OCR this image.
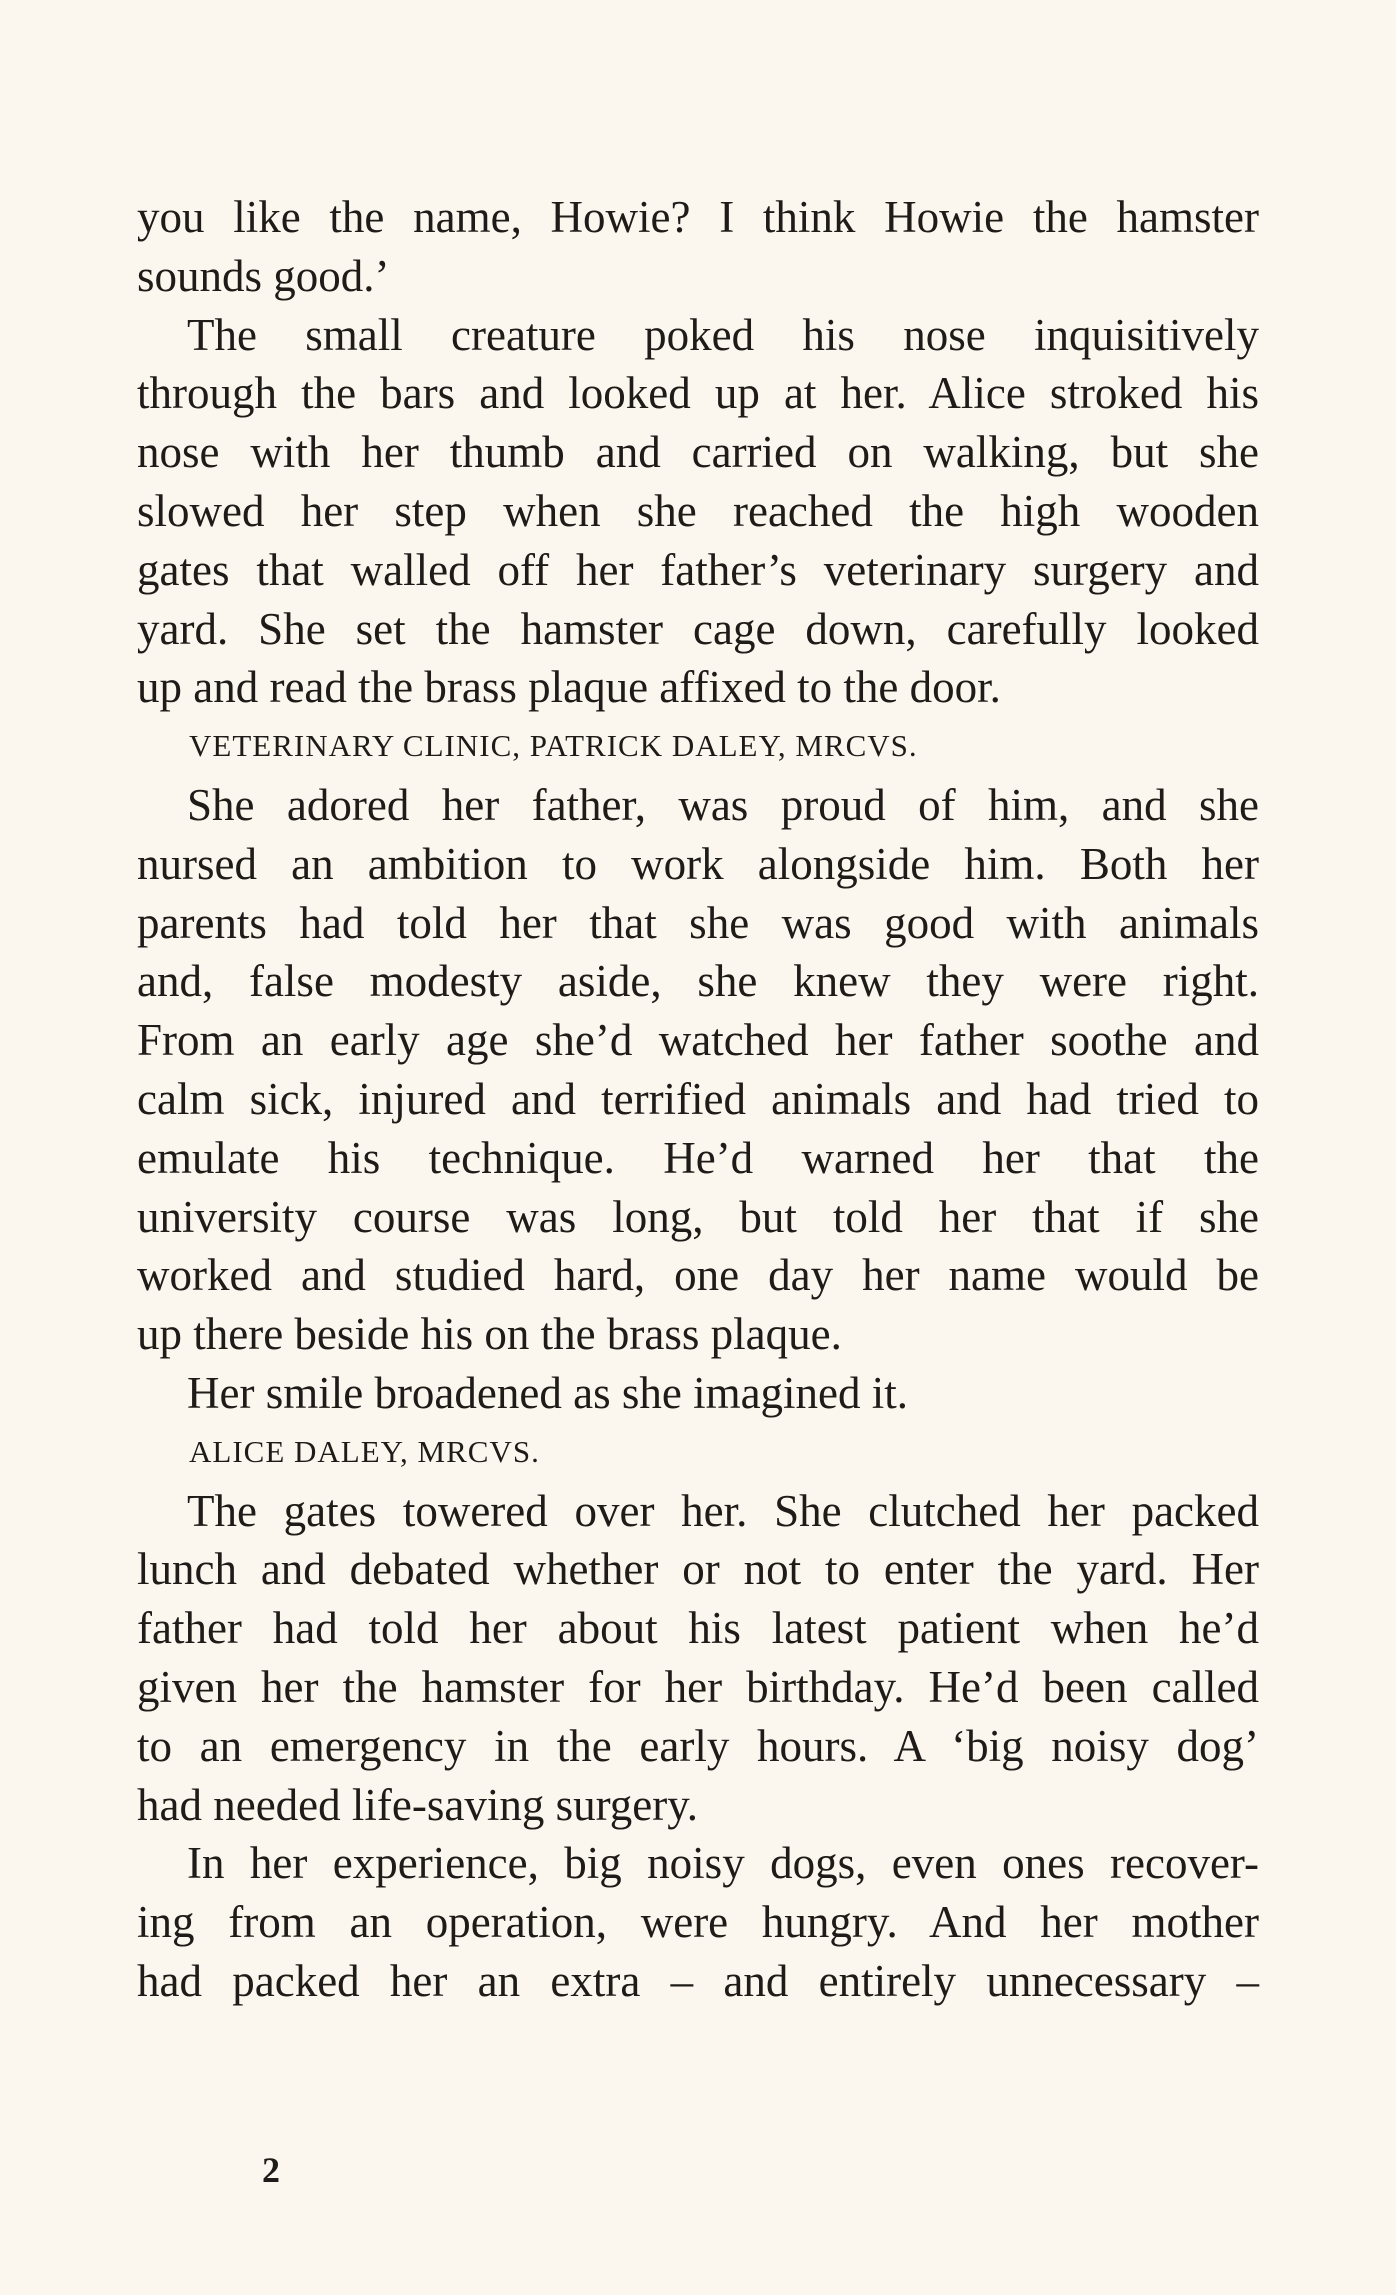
you like the name, Howie? I think Howie the hamster
sounds good.’
The small creature poked his nose inquisitively
through the bars and looked up at her. Alice stroked his
nose with her thumb and carried on walking, but she
slowed her step when she reached the high wooden
gates that walled off her father’s veterinary surgery and
yard. She set the hamster cage down, carefully looked
up and read the brass plaque affixed to the door.
VETERINARY CLINIC, PATRICK DALEY, MRCVS.
She adored her father, was proud of him, and she
nursed an ambition to work alongside him. Both her
parents had told her that she was good with animals
and, false modesty aside, she knew they were right.
From an early age she’d watched her father soothe and
calm sick, injured and terrified animals and had tried to
emulate his technique. He’d warned her that the
university course was long, but told her that if she
worked and studied hard, one day her name would be
up there beside his on the brass plaque.
Her smile broadened as she imagined it.
ALICE DALEY, MRCVS.
The gates towered over her. She clutched her packed
lunch and debated whether or not to enter the yard. Her
father had told her about his latest patient when he’d
given her the hamster for her birthday. He’d been called
to an emergency in the early hours. A ‘big noisy dog’
had needed life-saving surgery.
In her experience, big noisy dogs, even ones recover-
ing from an operation, were hungry. And her mother
had packed her an extra – and entirely unnecessary –
2
